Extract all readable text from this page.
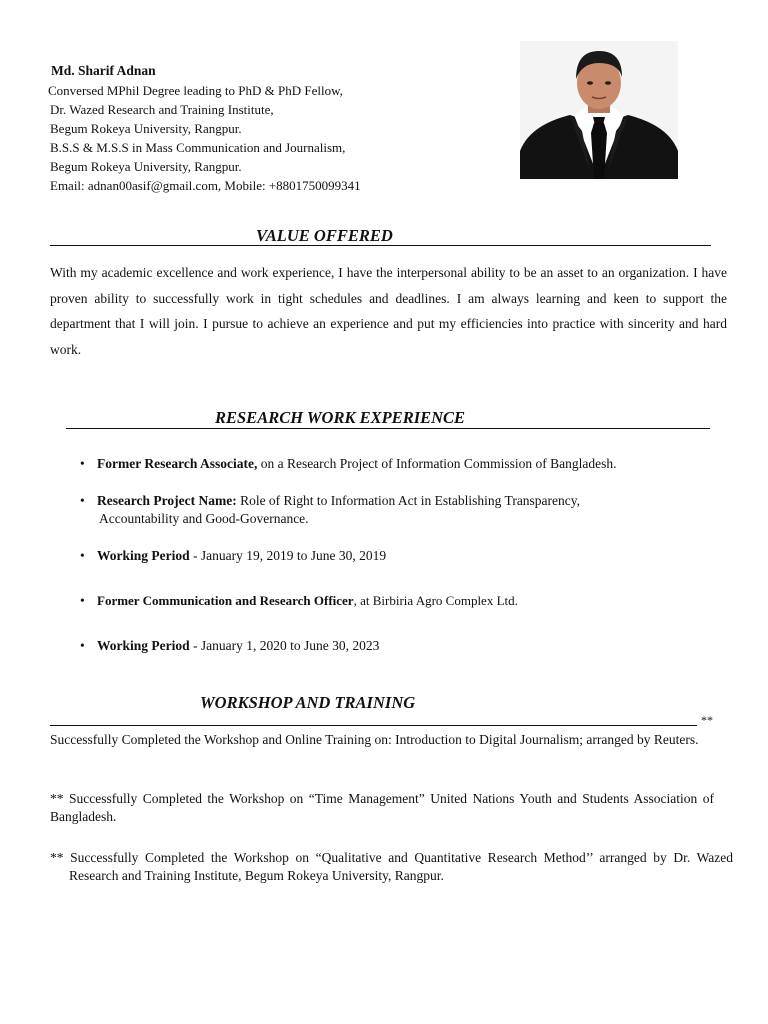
Md. Sharif Adnan
Conversed MPhil Degree leading to PhD & PhD Fellow,
Dr. Wazed Research and Training Institute,
Begum Rokeya University, Rangpur.
B.S.S & M.S.S in Mass Communication and Journalism,
Begum Rokeya University, Rangpur.
Email: adnan00asif@gmail.com, Mobile: +8801750099341
VALUE OFFERED
With my academic excellence and work experience, I have the interpersonal ability to be an asset to an organization. I have proven ability to successfully work in tight schedules and deadlines. I am always learning and keen to support the department that I will join. I pursue to achieve an experience and put my efficiencies into practice with sincerity and hard work.
RESEARCH WORK EXPERIENCE
• Former Research Associate, on a Research Project of Information Commission of Bangladesh.
• Research Project Name: Role of Right to Information Act in Establishing Transparency,
Accountability and Good-Governance.
• Working Period - January 19, 2019 to June 30, 2019
• Former Communication and Research Officer, at Birbiria Agro Complex Ltd.
• Working Period - January 1, 2020 to June 30, 2023
WORKSHOP AND TRAINING
**
Successfully Completed the Workshop and Online Training on: Introduction to Digital Journalism; arranged by Reuters.
** Successfully Completed the Workshop on “Time Management” United Nations Youth and Students Association of Bangladesh.
** Successfully Completed the Workshop on “Qualitative and Quantitative Research Method’’ arranged by Dr. Wazed Research and Training Institute, Begum Rokeya University, Rangpur.
